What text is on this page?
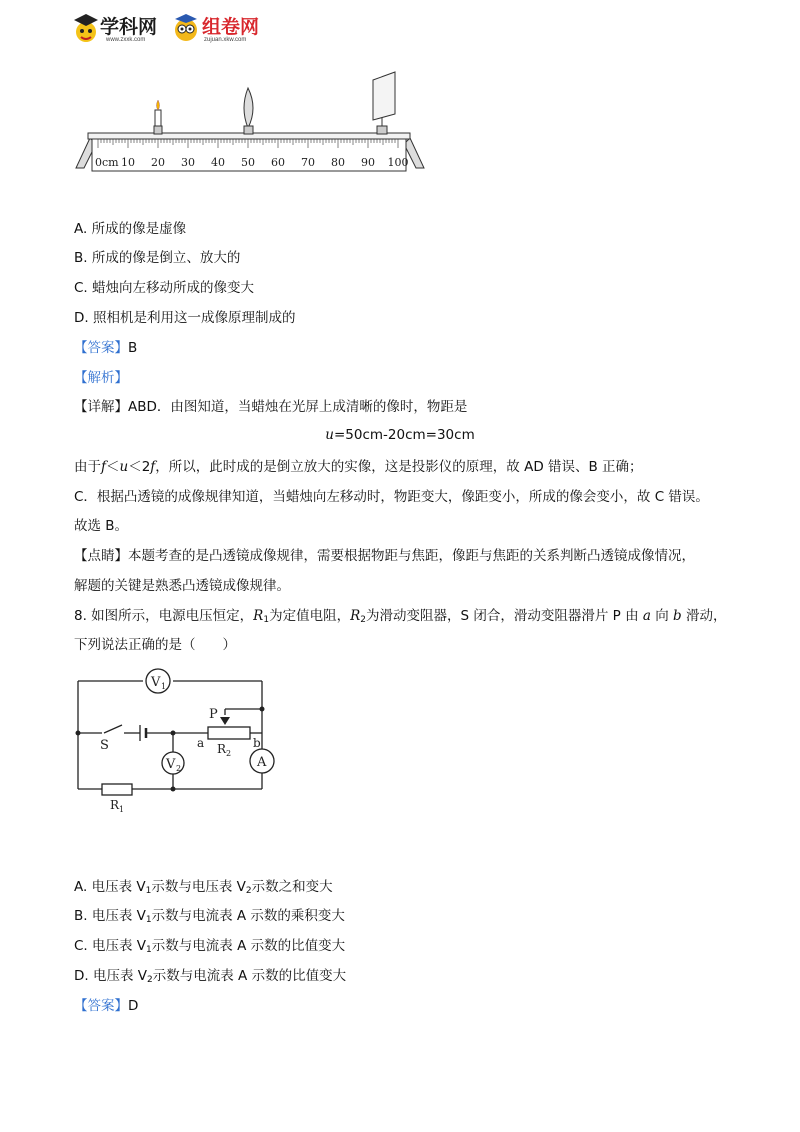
学科网
www.zxxk.com
组卷网
zujuan.xkw.com
0cm 10 20 30 40 50 60 70 80 90 100
A. 所成的像是虚像
B. 所成的像是倒立、放大的
C. 蜡烛向左移动所成的像变大
D. 照相机是利用这一成像原理制成的
【答案】B
【解析】
【详解】ABD．由图知道，当蜡烛在光屏上成清晰的像时，物距是
u=50cm-20cm=30cm
由于f＜u＜2f，所以，此时成的是倒立放大的实像，这是投影仪的原理，故 AD 错误、B 正确；
C．根据凸透镜的成像规律知道，当蜡烛向左移动时，物距变大，像距变小，所成的像会变小，故 C 错误。
故选 B。
【点睛】本题考查的是凸透镜成像规律，需要根据物距与焦距，像距与焦距的关系判断凸透镜成像情况，
解题的关键是熟悉凸透镜成像规律。
8. 如图所示，电源电压恒定，$R_1$为定值电阻，$R_2$为滑动变阻器，S 闭合，滑动变阻器滑片 P 由 a 向 b 滑动，
下列说法正确的是（　　）
V 1
V 2	A
S
P
a	b
R 2
R 1
A. 电压表 $V_1$示数与电压表 $V_2$示数之和变大
B. 电压表 $V_1$示数与电流表 A 示数的乘积变大
C. 电压表 $V_1$示数与电流表 A 示数的比值变大
D. 电压表 $V_2$示数与电流表 A 示数的比值变大
【答案】D
